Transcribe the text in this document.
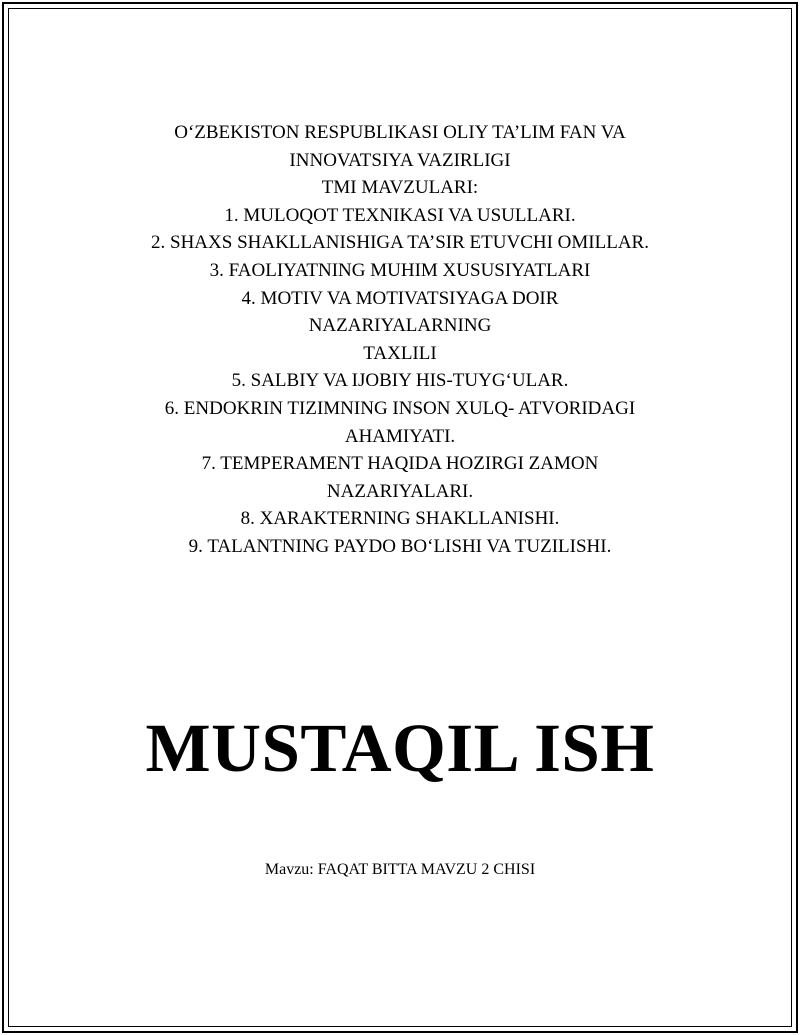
O‘ZBEKISTON RESPUBLIKASI OLIY TA’LIM FAN VA
INNOVATSIYA VAZIRLIGI
TMI MAVZULARI:
1. MULOQOT TEXNIKASI VA USULLARI.
2. SHAXS SHAKLLANISHIGA TA’SIR ETUVCHI OMILLAR.
3. FAOLIYATNING MUHIM XUSUSIYATLARI
4. MOTIV VA MOTIVATSIYAGA DOIR
NAZARIYALARNING
TAXLILI
5. SALBIY VA IJOBIY HIS-TUYG‘ULAR.
6. ENDOKRIN TIZIMNING INSON XULQ- ATVORIDAGI
AHAMIYATI.
7. TEMPERAMENT HAQIDA HOZIRGI ZAMON
NAZARIYALARI.
8. XARAKTERNING SHAKLLANISHI.
9. TALANTNING PAYDO BO‘LISHI VA TUZILISHI.
MUSTAQIL ISH
Mavzu: FAQAT BITTA MAVZU 2 CHISI
